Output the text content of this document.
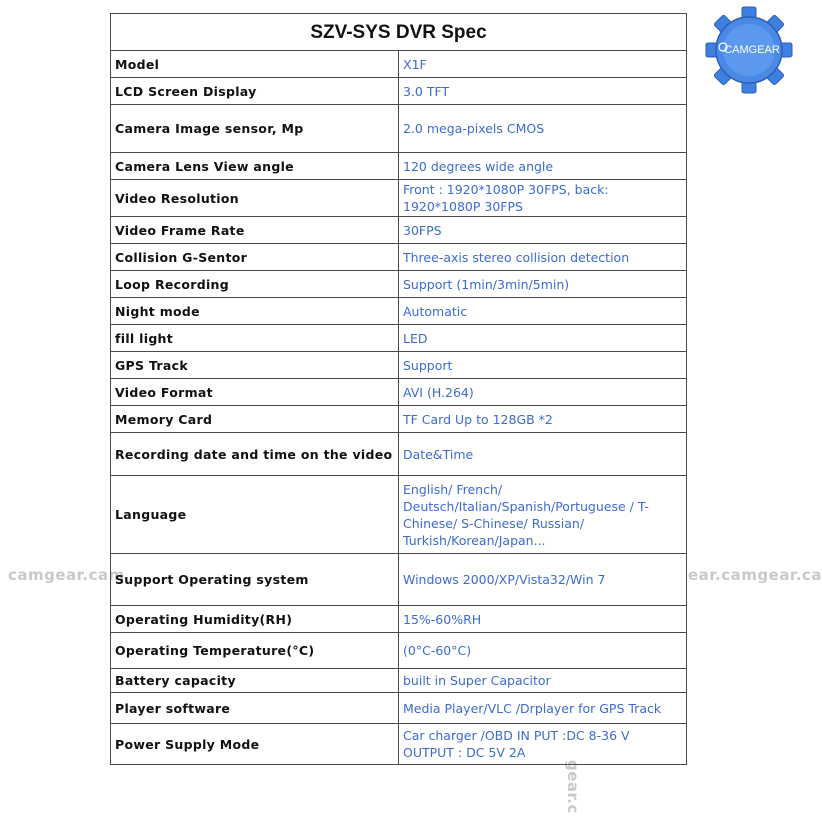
camgear.cam	ear.camgear.ca
gear.c
CAMGEAR
SZV-SYS DVR Spec	
Model	X1F
LCD Screen Display	3.0 TFT
Camera Image sensor, Mp	2.0 mega-pixels CMOS
Camera Lens View angle	120 degrees wide angle
Video Resolution	Front : 1920*1080P 30FPS, back: 1920*1080P 30FPS
Video Frame Rate	30FPS
Collision G-Sentor	Three-axis stereo collision detection
Loop Recording	Support (1min/3min/5min)
Night mode	Automatic
fill light	LED
GPS Track	Support
Video Format	AVI (H.264)
Memory Card	TF Card Up to 128GB *2
Recording date and time on the video	Date&Time
Language	English/ French/ Deutsch/Italian/Spanish/Portuguese / T-Chinese/ S-Chinese/ Russian/ Turkish/Korean/Japan...
Support Operating system	Windows 2000/XP/Vista32/Win 7
Operating Humidity(RH)	15%-60%RH
Operating Temperature(°C)	(0°C-60°C)
Battery capacity	built in Super Capacitor
Player software	Media Player/VLC /Drplayer for GPS Track
Power Supply Mode	Car charger /OBD IN PUT :DC 8-36 V OUTPUT : DC 5V 2A
